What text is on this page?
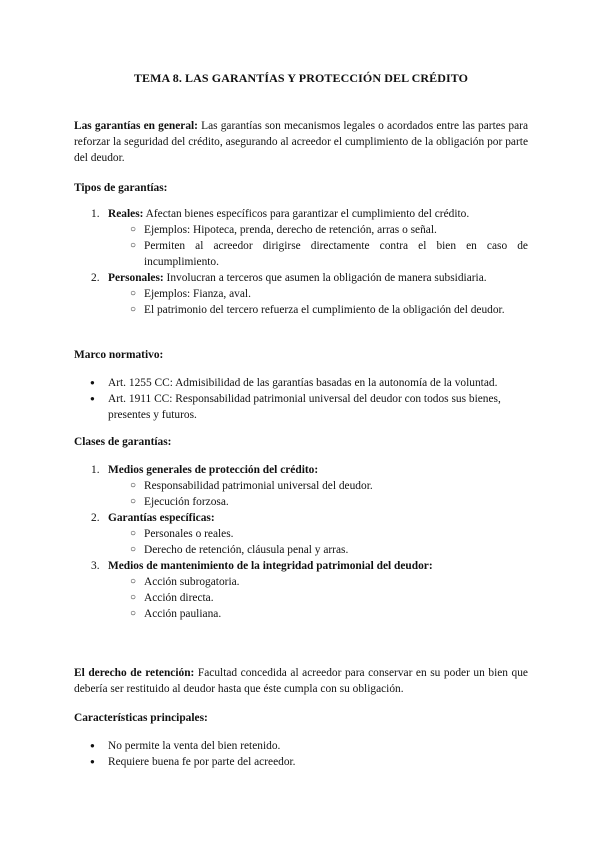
TEMA 8. LAS GARANTÍAS Y PROTECCIÓN DEL CRÉDITO
Las garantías en general: Las garantías son mecanismos legales o acordados entre las partes para reforzar la seguridad del crédito, asegurando al acreedor el cumplimiento de la obligación por parte del deudor.
Tipos de garantías:
1. Reales: Afectan bienes específicos para garantizar el cumplimiento del crédito.
○ Ejemplos: Hipoteca, prenda, derecho de retención, arras o señal.
○ Permiten al acreedor dirigirse directamente contra el bien en caso de incumplimiento.
2. Personales: Involucran a terceros que asumen la obligación de manera subsidiaria.
○ Ejemplos: Fianza, aval.
○ El patrimonio del tercero refuerza el cumplimiento de la obligación del deudor.
Marco normativo:
● Art. 1255 CC: Admisibilidad de las garantías basadas en la autonomía de la voluntad.
● Art. 1911 CC: Responsabilidad patrimonial universal del deudor con todos sus bienes, presentes y futuros.
Clases de garantías:
1. Medios generales de protección del crédito:
○ Responsabilidad patrimonial universal del deudor.
○ Ejecución forzosa.
2. Garantías específicas:
○ Personales o reales.
○ Derecho de retención, cláusula penal y arras.
3. Medios de mantenimiento de la integridad patrimonial del deudor:
○ Acción subrogatoria.
○ Acción directa.
○ Acción pauliana.
El derecho de retención: Facultad concedida al acreedor para conservar en su poder un bien que debería ser restituido al deudor hasta que éste cumpla con su obligación.
Características principales:
● No permite la venta del bien retenido.
● Requiere buena fe por parte del acreedor.
